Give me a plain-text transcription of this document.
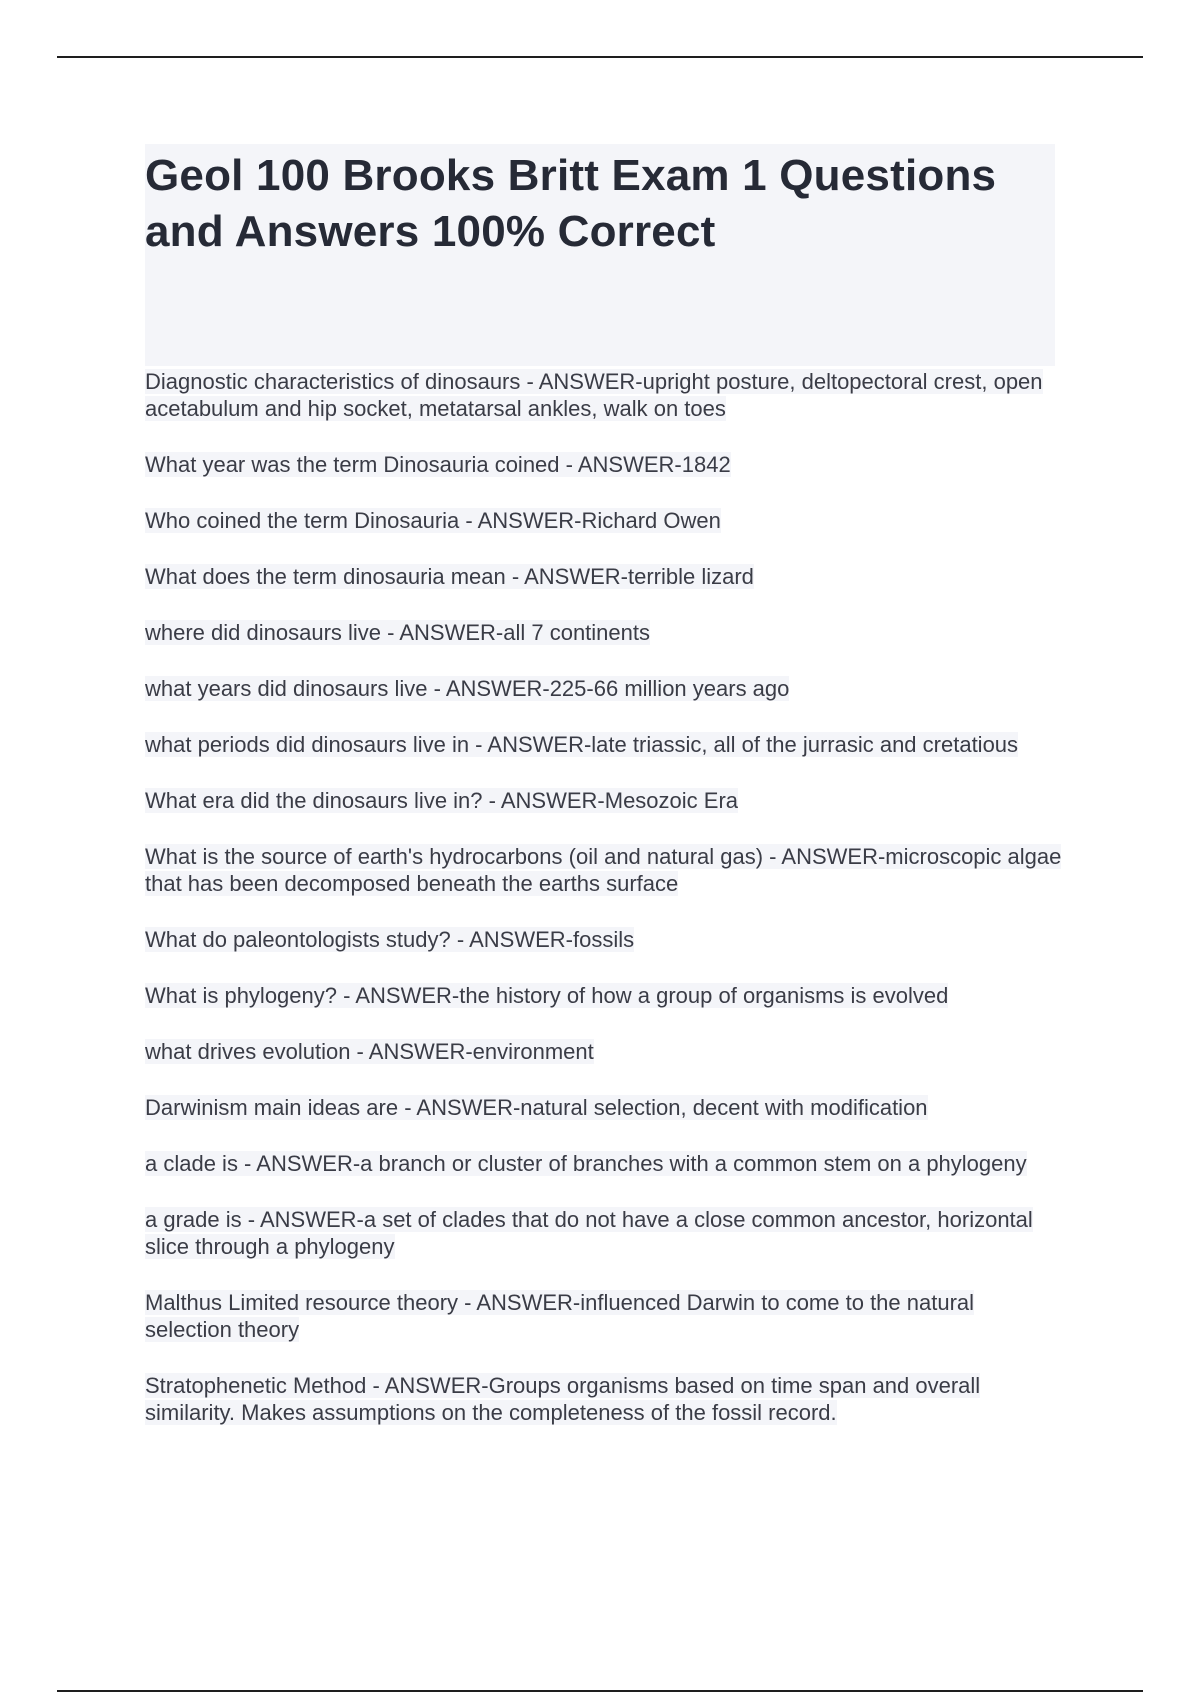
Geol 100 Brooks Britt Exam 1 Questions and Answers 100% Correct
Diagnostic characteristics of dinosaurs - ANSWER-upright posture, deltopectoral crest, open acetabulum and hip socket, metatarsal ankles, walk on toes
What year was the term Dinosauria coined - ANSWER-1842
Who coined the term Dinosauria - ANSWER-Richard Owen
What does the term dinosauria mean - ANSWER-terrible lizard
where did dinosaurs live - ANSWER-all 7 continents
what years did dinosaurs live - ANSWER-225-66 million years ago
what periods did dinosaurs live in - ANSWER-late triassic, all of the jurrasic and cretatious
What era did the dinosaurs live in? - ANSWER-Mesozoic Era
What is the source of earth's hydrocarbons (oil and natural gas) - ANSWER-microscopic algae that has been decomposed beneath the earths surface
What do paleontologists study? - ANSWER-fossils
What is phylogeny? - ANSWER-the history of how a group of organisms is evolved
what drives evolution - ANSWER-environment
Darwinism main ideas are - ANSWER-natural selection, decent with modification
a clade is - ANSWER-a branch or cluster of branches with a common stem on a phylogeny
a grade is - ANSWER-a set of clades that do not have a close common ancestor, horizontal slice through a phylogeny
Malthus Limited resource theory - ANSWER-influenced Darwin to come to the natural selection theory
Stratophenetic Method - ANSWER-Groups organisms based on time span and overall similarity. Makes assumptions on the completeness of the fossil record.
